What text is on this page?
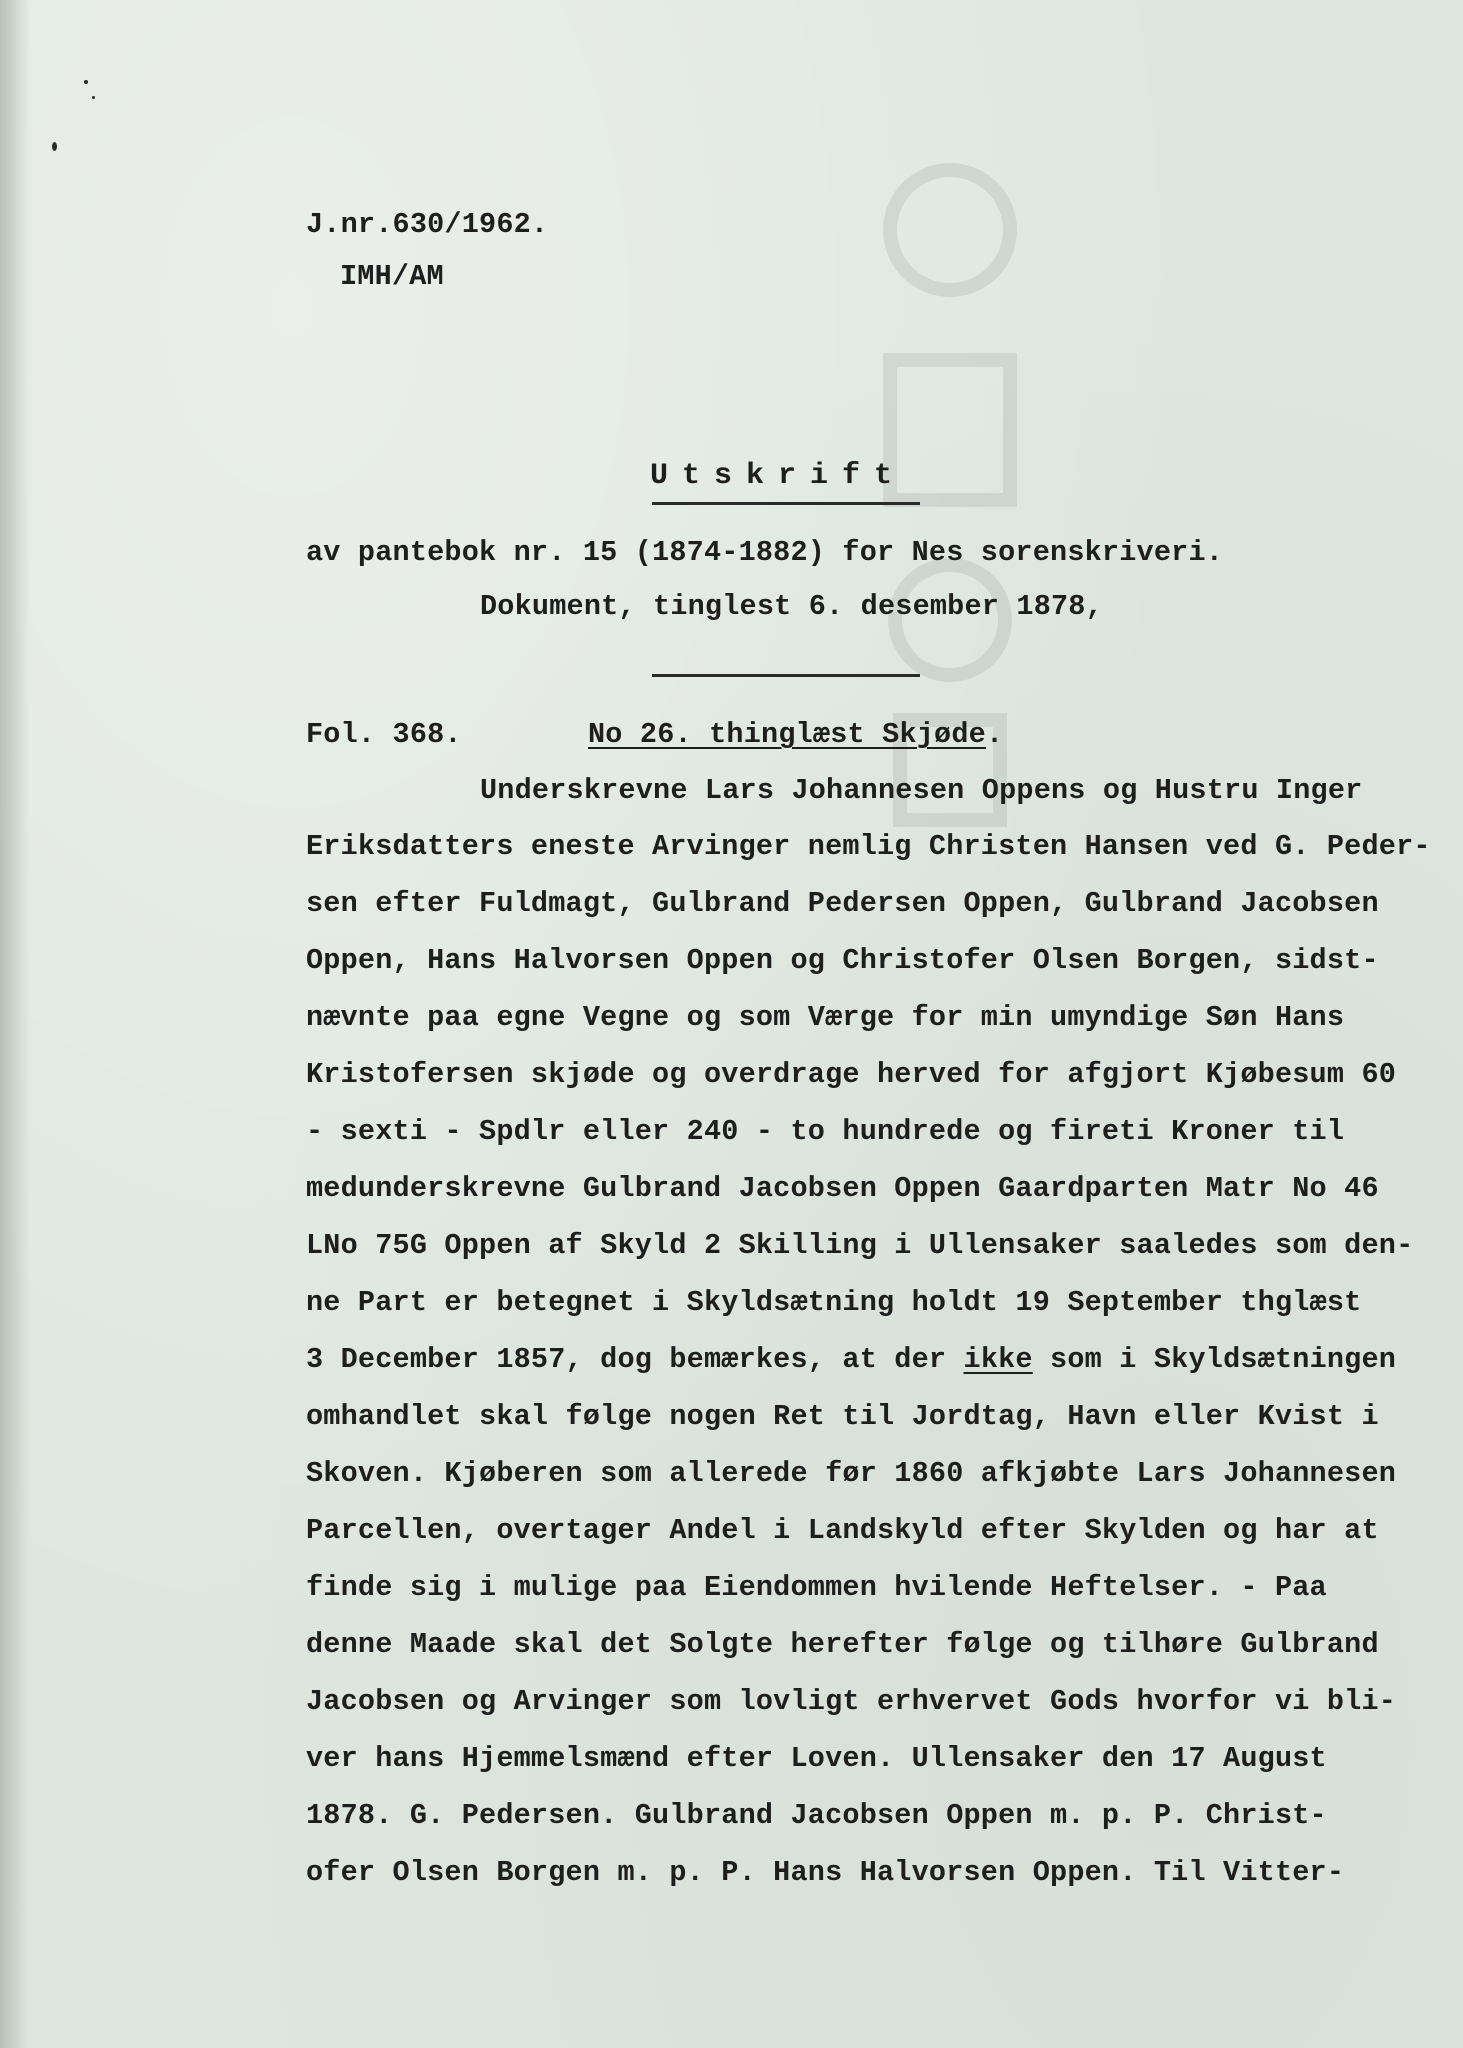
J.nr.630/1962.
IMH/AM
Utskrift
av pantebok nr. 15 (1874-1882) for Nes sorenskriveri.
Dokument, tinglest 6. desember 1878,
Fol. 368.	No 26. thinglæst Skjøde.
Underskrevne Lars Johannesen Oppens og Hustru Inger
Eriksdatters eneste Arvinger nemlig Christen Hansen ved G. Peder-
sen efter Fuldmagt, Gulbrand Pedersen Oppen, Gulbrand Jacobsen
Oppen, Hans Halvorsen Oppen og Christofer Olsen Borgen, sidst-
nævnte paa egne Vegne og som Værge for min umyndige Søn Hans
Kristofersen skjøde og overdrage herved for afgjort Kjøbesum 60
- sexti - Spdlr eller 240 - to hundrede og fireti Kroner til
medunderskrevne Gulbrand Jacobsen Oppen Gaardparten Matr No 46
LNo 75G Oppen af Skyld 2 Skilling i Ullensaker saaledes som den-
ne Part er betegnet i Skyldsætning holdt 19 September thglæst
3 December 1857, dog bemærkes, at der ikke som i Skyldsætningen
omhandlet skal følge nogen Ret til Jordtag, Havn eller Kvist i
Skoven. Kjøberen som allerede før 1860 afkjøbte Lars Johannesen
Parcellen, overtager Andel i Landskyld efter Skylden og har at
finde sig i mulige paa Eiendommen hvilende Heftelser. - Paa
denne Maade skal det Solgte herefter følge og tilhøre Gulbrand
Jacobsen og Arvinger som lovligt erhvervet Gods hvorfor vi bli-
ver hans Hjemmelsmænd efter Loven. Ullensaker den 17 August
1878. G. Pedersen. Gulbrand Jacobsen Oppen m. p. P. Christ-
ofer Olsen Borgen m. p. P. Hans Halvorsen Oppen. Til Vitter-
